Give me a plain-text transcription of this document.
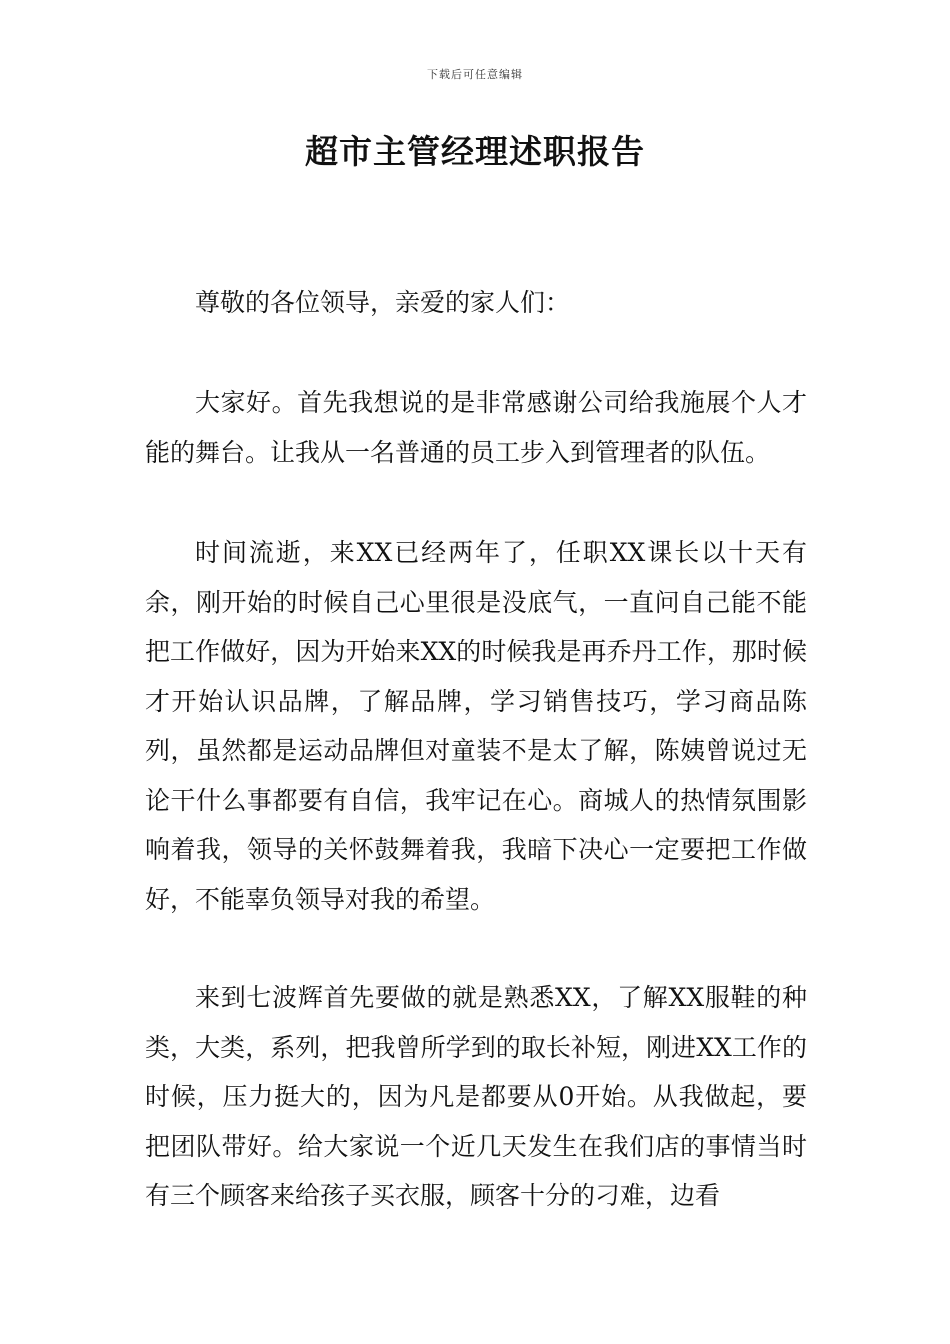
下载后可任意编辑
超市主管经理述职报告
尊敬的各位领导，亲爱的家人们：
大家好。首先我想说的是非常感谢公司给我施展个人才能的舞台。让我从一名普通的员工步入到管理者的队伍。
时间流逝，来XX已经两年了，任职XX课长以十天有余，刚开始的时候自己心里很是没底气，一直问自己能不能把工作做好，因为开始来XX的时候我是再乔丹工作，那时候才开始认识品牌，了解品牌，学习销售技巧，学习商品陈列，虽然都是运动品牌但对童装不是太了解，陈姨曾说过无论干什么事都要有自信，我牢记在心。商城人的热情氛围影响着我，领导的关怀鼓舞着我，我暗下决心一定要把工作做好，不能辜负领导对我的希望。
来到七波辉首先要做的就是熟悉XX，了解XX服鞋的种类，大类，系列，把我曾所学到的取长补短，刚进XX工作的时候，压力挺大的，因为凡是都要从0开始。从我做起，要把团队带好。给大家说一个近几天发生在我们店的事情当时有三个顾客来给孩子买衣服，顾客十分的刁难，边看
